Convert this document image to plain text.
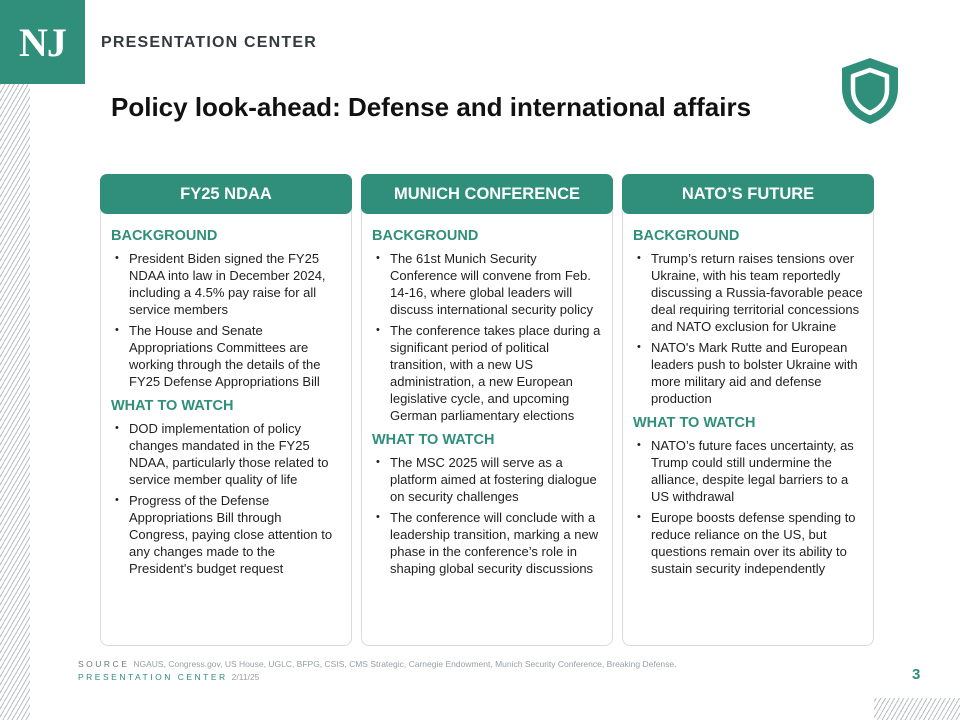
NJ PRESENTATION CENTER
Policy look-ahead: Defense and international affairs
FY25 NDAA
BACKGROUND
• President Biden signed the FY25 NDAA into law in December 2024, including a 4.5% pay raise for all service members
• The House and Senate Appropriations Committees are working through the details of the FY25 Defense Appropriations Bill
WHAT TO WATCH
• DOD implementation of policy changes mandated in the FY25 NDAA, particularly those related to service member quality of life
• Progress of the Defense Appropriations Bill through Congress, paying close attention to any changes made to the President's budget request
MUNICH CONFERENCE
BACKGROUND
• The 61st Munich Security Conference will convene from Feb. 14-16, where global leaders will discuss international security policy
• The conference takes place during a significant period of political transition, with a new US administration, a new European legislative cycle, and upcoming German parliamentary elections
WHAT TO WATCH
• The MSC 2025 will serve as a platform aimed at fostering dialogue on security challenges
• The conference will conclude with a leadership transition, marking a new phase in the conference’s role in shaping global security discussions
NATO’S FUTURE
BACKGROUND
• Trump’s return raises tensions over Ukraine, with his team reportedly discussing a Russia-favorable peace deal requiring territorial concessions and NATO exclusion for Ukraine
• NATO's Mark Rutte and European leaders push to bolster Ukraine with more military aid and defense production
WHAT TO WATCH
• NATO’s future faces uncertainty, as Trump could still undermine the alliance, despite legal barriers to a US withdrawal
• Europe boosts defense spending to reduce reliance on the US, but questions remain over its ability to sustain security independently
SOURCE NGAUS, Congress.gov, US House, UGLC, BFPG, CSIS, CMS Strategic, Carnegie Endowment, Munich Security Conference, Breaking Defense.
PRESENTATION CENTER 2/11/25	3
